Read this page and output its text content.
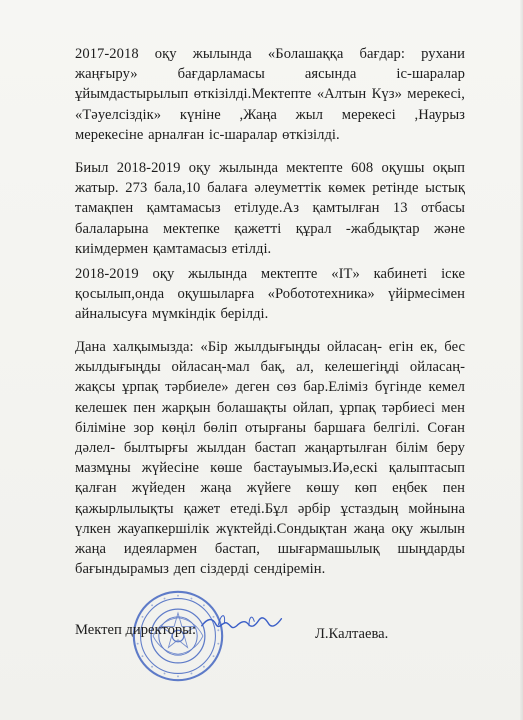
2017-2018 оқу жылында «Болашаққа бағдар: рухани жаңғыру» бағдарламасы аясында іс-шаралар ұйымдастырылып өткізілді.Мектепте «Алтын Күз» мерекесі, «Тәуелсіздік» күніне ,Жаңа жыл мерекесі ,Наурыз мерекесіне арналған іс-шаралар өткізілді.

Биыл 2018-2019 оқу жылында мектепте 608 оқушы оқып жатыр. 273 бала,10 балаға әлеуметтік көмек ретінде ыстық тамақпен қамтамасыз етілуде.Аз қамтылған 13 отбасы балаларына мектепке қажетті құрал -жабдықтар және киімдермен қамтамасыз етілді.

2018-2019 оқу жылында мектепте «IT» кабинеті іске қосылып,онда оқушыларға «Робототехника» үйірмесімен айналысуға мүмкіндік берілді.

Дана халқымызда: «Бір жылдығыңды ойласаң- егін ек, бес жылдығыңды ойласаң-мал бақ, ал, келешегіңді ойласаң- жақсы ұрпақ тәрбиеле» деген сөз бар.Еліміз бүгінде кемел келешек пен жарқын болашақты ойлап, ұрпақ тәрбиесі мен біліміне зор көңіл бөліп отырғаны баршаға белгілі. Соған дәлел- былтырғы жылдан бастап жаңартылған білім беру мазмұны жүйесіне көше бастауымыз.Иә,ескі қалыптасып қалған жүйеден жаңа жүйеге көшу көп еңбек пен қажырлылықты қажет етеді.Бұл әрбір ұстаздың мойнына үлкен жауапкершілік жүктейді.Сондықтан жаңа оқу жылын жаңа идеялармен бастап, шығармашылық шыңдарды бағындырамыз деп сіздерді сендіремін.

Мектеп директоры:	Л.Калтаева.
